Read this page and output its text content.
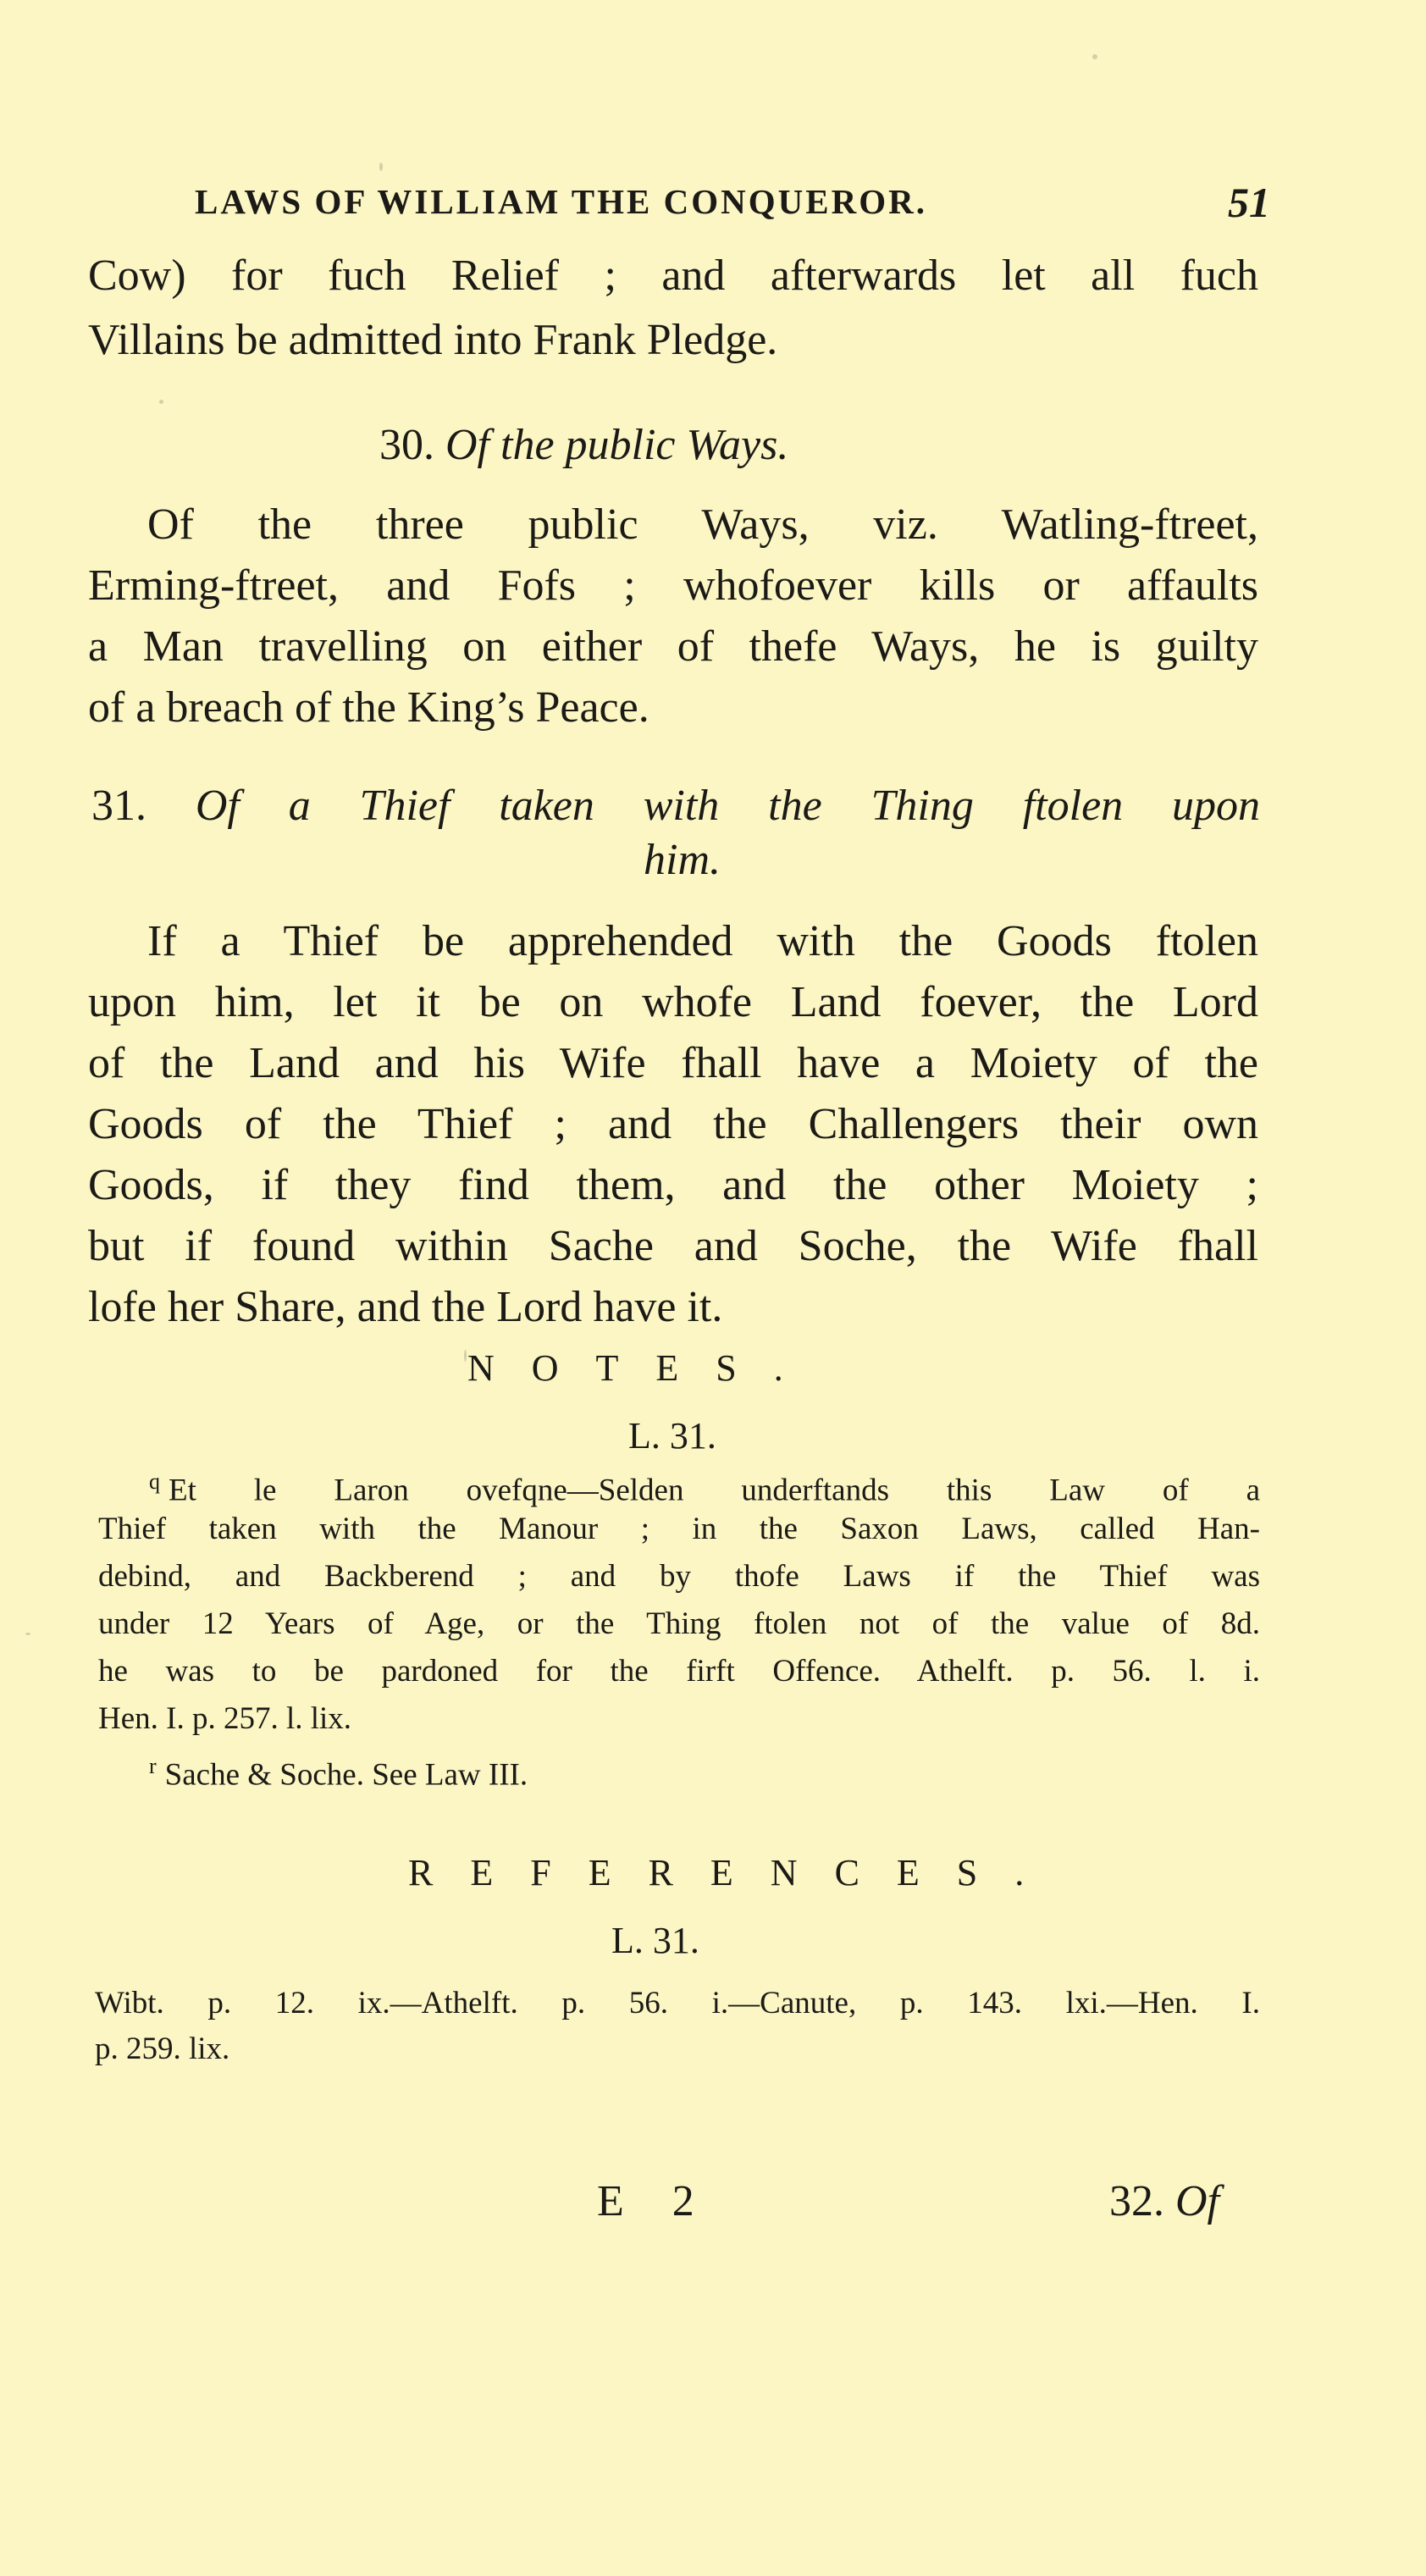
LAWS OF WILLIAM THE CONQUEROR.	51
Cow) for fuch Relief ; and afterwards let all fuch
Villains be admitted into Frank Pledge.
30. Of the public Ways.
Of the three public Ways, viz. Watling-ftreet,
Erming-ftreet, and Fofs ; whofoever kills or affaults
a Man travelling on either of thefe Ways, he is guilty
of a breach of the King’s Peace.
31. Of a Thief taken with the Thing ftolen upon
him.
If a Thief be apprehended with the Goods ftolen
upon him, let it be on whofe Land foever, the Lord
of the Land and his Wife fhall have a Moiety of the
Goods of the Thief ; and the Challengers their own
Goods, if they find them, and the other Moiety ;
but if found within Sache and Soche, the Wife fhall
lofe her Share, and the Lord have it.
NOTES.
L. 31.
$^q$ Et le Laron ovefqne—Selden underftands this Law of a
Thief taken with the Manour ; in the Saxon Laws, called Han-
debind, and Backberend ; and by thofe Laws if the Thief was
under 12 Years of Age, or the Thing ftolen not of the value of 8d.
he was to be pardoned for the firft Offence. Athelft. p. 56. l. i.
Hen. I. p. 257. l. lix.
$^r$ Sache & Soche. See Law III.
REFERENCES.
L. 31.
Wibt. p. 12. ix.—Athelft. p. 56. i.—Canute, p. 143. lxi.—Hen. I.
p. 259. lix.
E 2	32. Of
